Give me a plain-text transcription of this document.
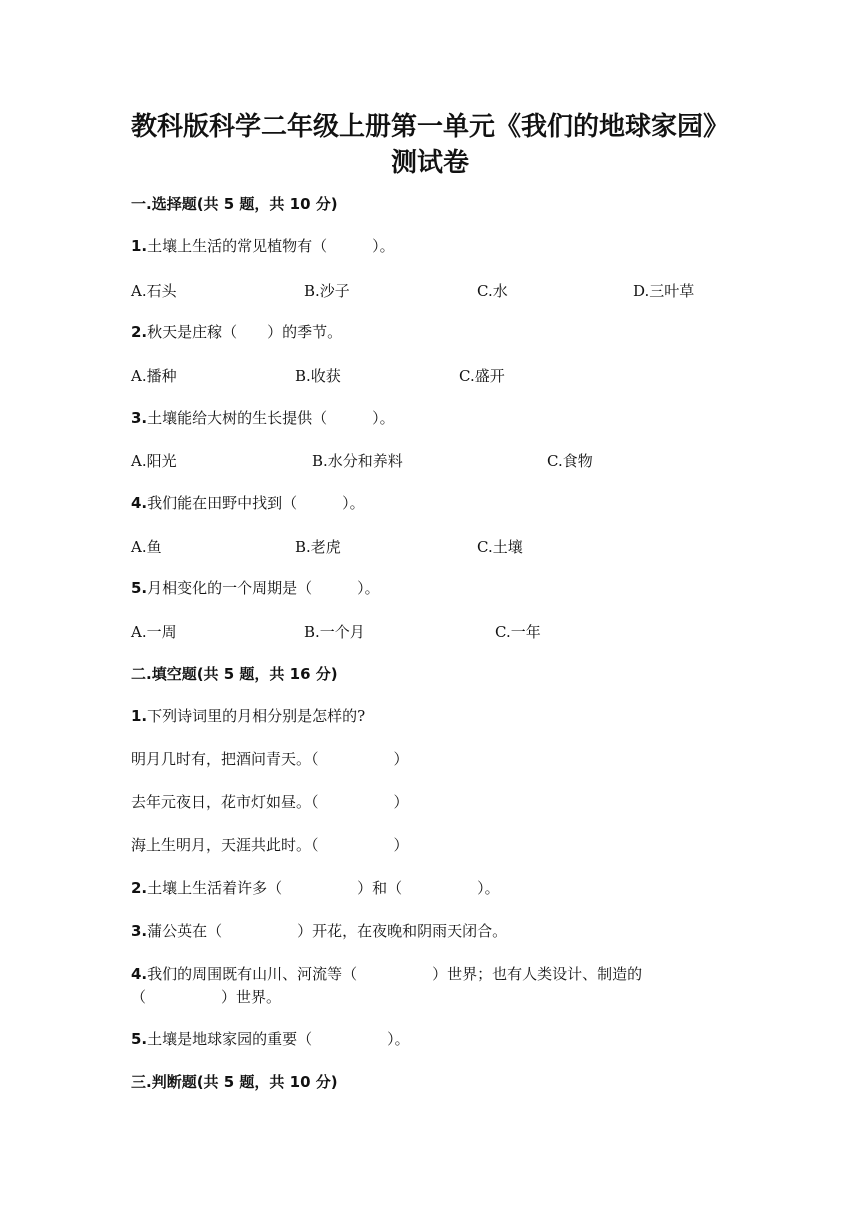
教科版科学二年级上册第一单元《我们的地球家园》
测试卷
一.选择题(共 5 题，共 10 分)
1.土壤上生活的常见植物有（　　　）。
A.石头	B.沙子	C.水	D.三叶草
2.秋天是庄稼（　　）的季节。
A.播种	B.收获	C.盛开
3.土壤能给大树的生长提供（　　　）。
A.阳光	B.水分和养料	C.食物
4.我们能在田野中找到（　　　）。
A.鱼	B.老虎	C.土壤
5.月相变化的一个周期是（　　　）。
A.一周	B.一个月	C.一年
二.填空题(共 5 题，共 16 分)
1.下列诗词里的月相分别是怎样的?
明月几时有，把酒问青天。（　　　　　）
去年元夜日，花市灯如昼。（　　　　　）
海上生明月，天涯共此时。（　　　　　）
2.土壤上生活着许多（　　　　　）和（　　　　　）。
3.蒲公英在（　　　　　）开花，在夜晚和阴雨天闭合。
4.我们的周围既有山川、河流等（　　　　　）世界；也有人类设计、制造的
（　　　　　）世界。
5.土壤是地球家园的重要（　　　　　）。
三.判断题(共 5 题，共 10 分)
